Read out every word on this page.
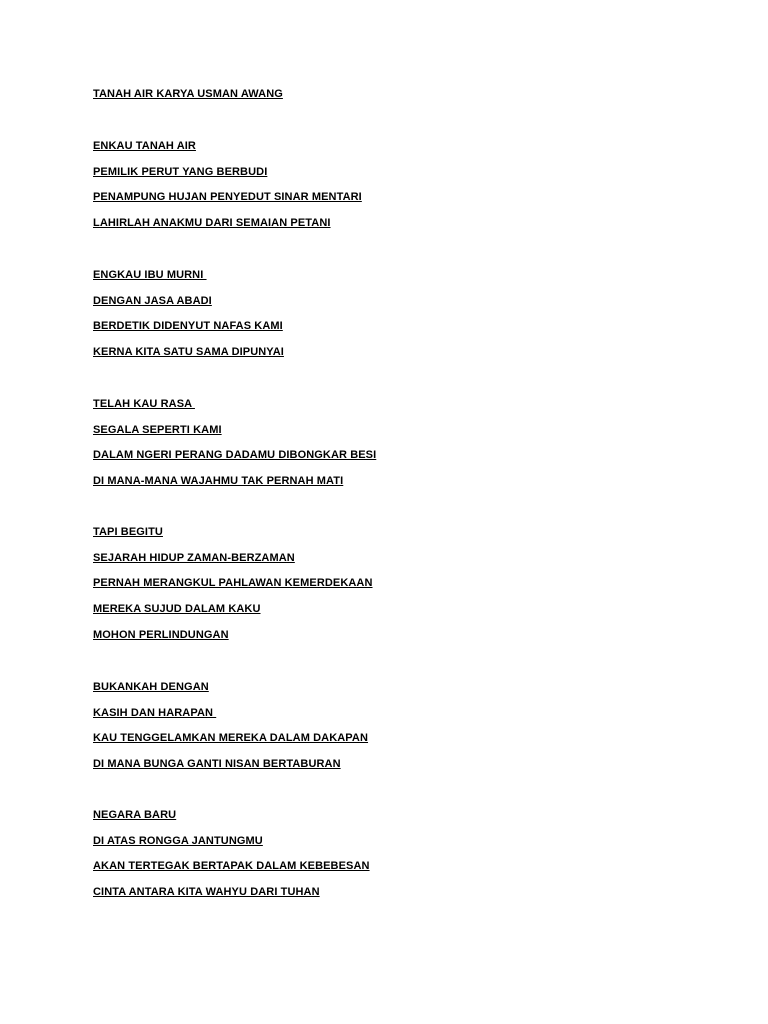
TANAH AIR KARYA USMAN AWANG
ENKAU TANAH AIR
PEMILIK PERUT YANG BERBUDI
PENAMPUNG HUJAN PENYEDUT SINAR MENTARI
LAHIRLAH ANAKMU DARI SEMAIAN PETANI
ENGKAU IBU MURNI
DENGAN JASA ABADI
BERDETIK DIDENYUT NAFAS KAMI
KERNA KITA SATU SAMA DIPUNYAI
TELAH KAU RASA
SEGALA SEPERTI KAMI
DALAM NGERI PERANG DADAMU DIBONGKAR BESI
DI MANA-MANA WAJAHMU TAK PERNAH MATI
TAPI BEGITU
SEJARAH HIDUP ZAMAN-BERZAMAN
PERNAH MERANGKUL PAHLAWAN KEMERDEKAAN
MEREKA SUJUD DALAM KAKU
MOHON PERLINDUNGAN
BUKANKAH DENGAN
KASIH DAN HARAPAN
KAU TENGGELAMKAN MEREKA DALAM DAKAPAN
DI MANA BUNGA GANTI NISAN BERTABURAN
NEGARA BARU
DI ATAS RONGGA JANTUNGMU
AKAN TERTEGAK BERTAPAK DALAM KEBEBESAN
CINTA ANTARA KITA WAHYU DARI TUHAN
